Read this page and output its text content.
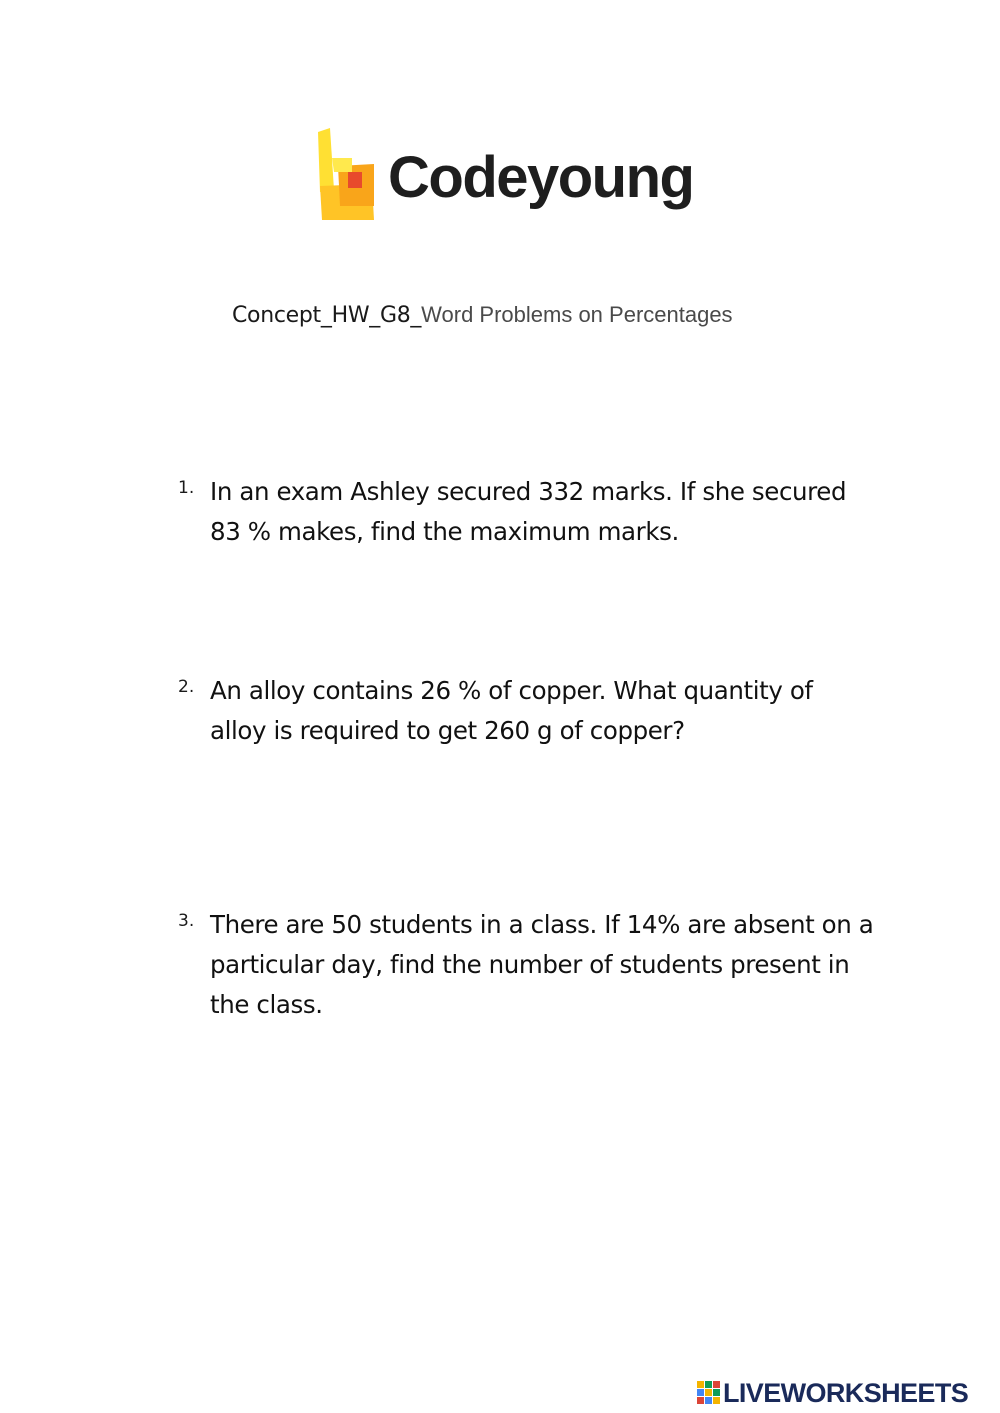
Codeyoung
Concept_HW_G8_Word Problems on Percentages
1. In an exam Ashley secured 332 marks. If she secured 83 % makes, find the maximum marks.
2. An alloy contains 26 % of copper. What quantity of alloy is required to get 260 g of copper?
3. There are 50 students in a class. If 14% are absent on a particular day, find the number of students present in the class.
LIVEWORKSHEETS
